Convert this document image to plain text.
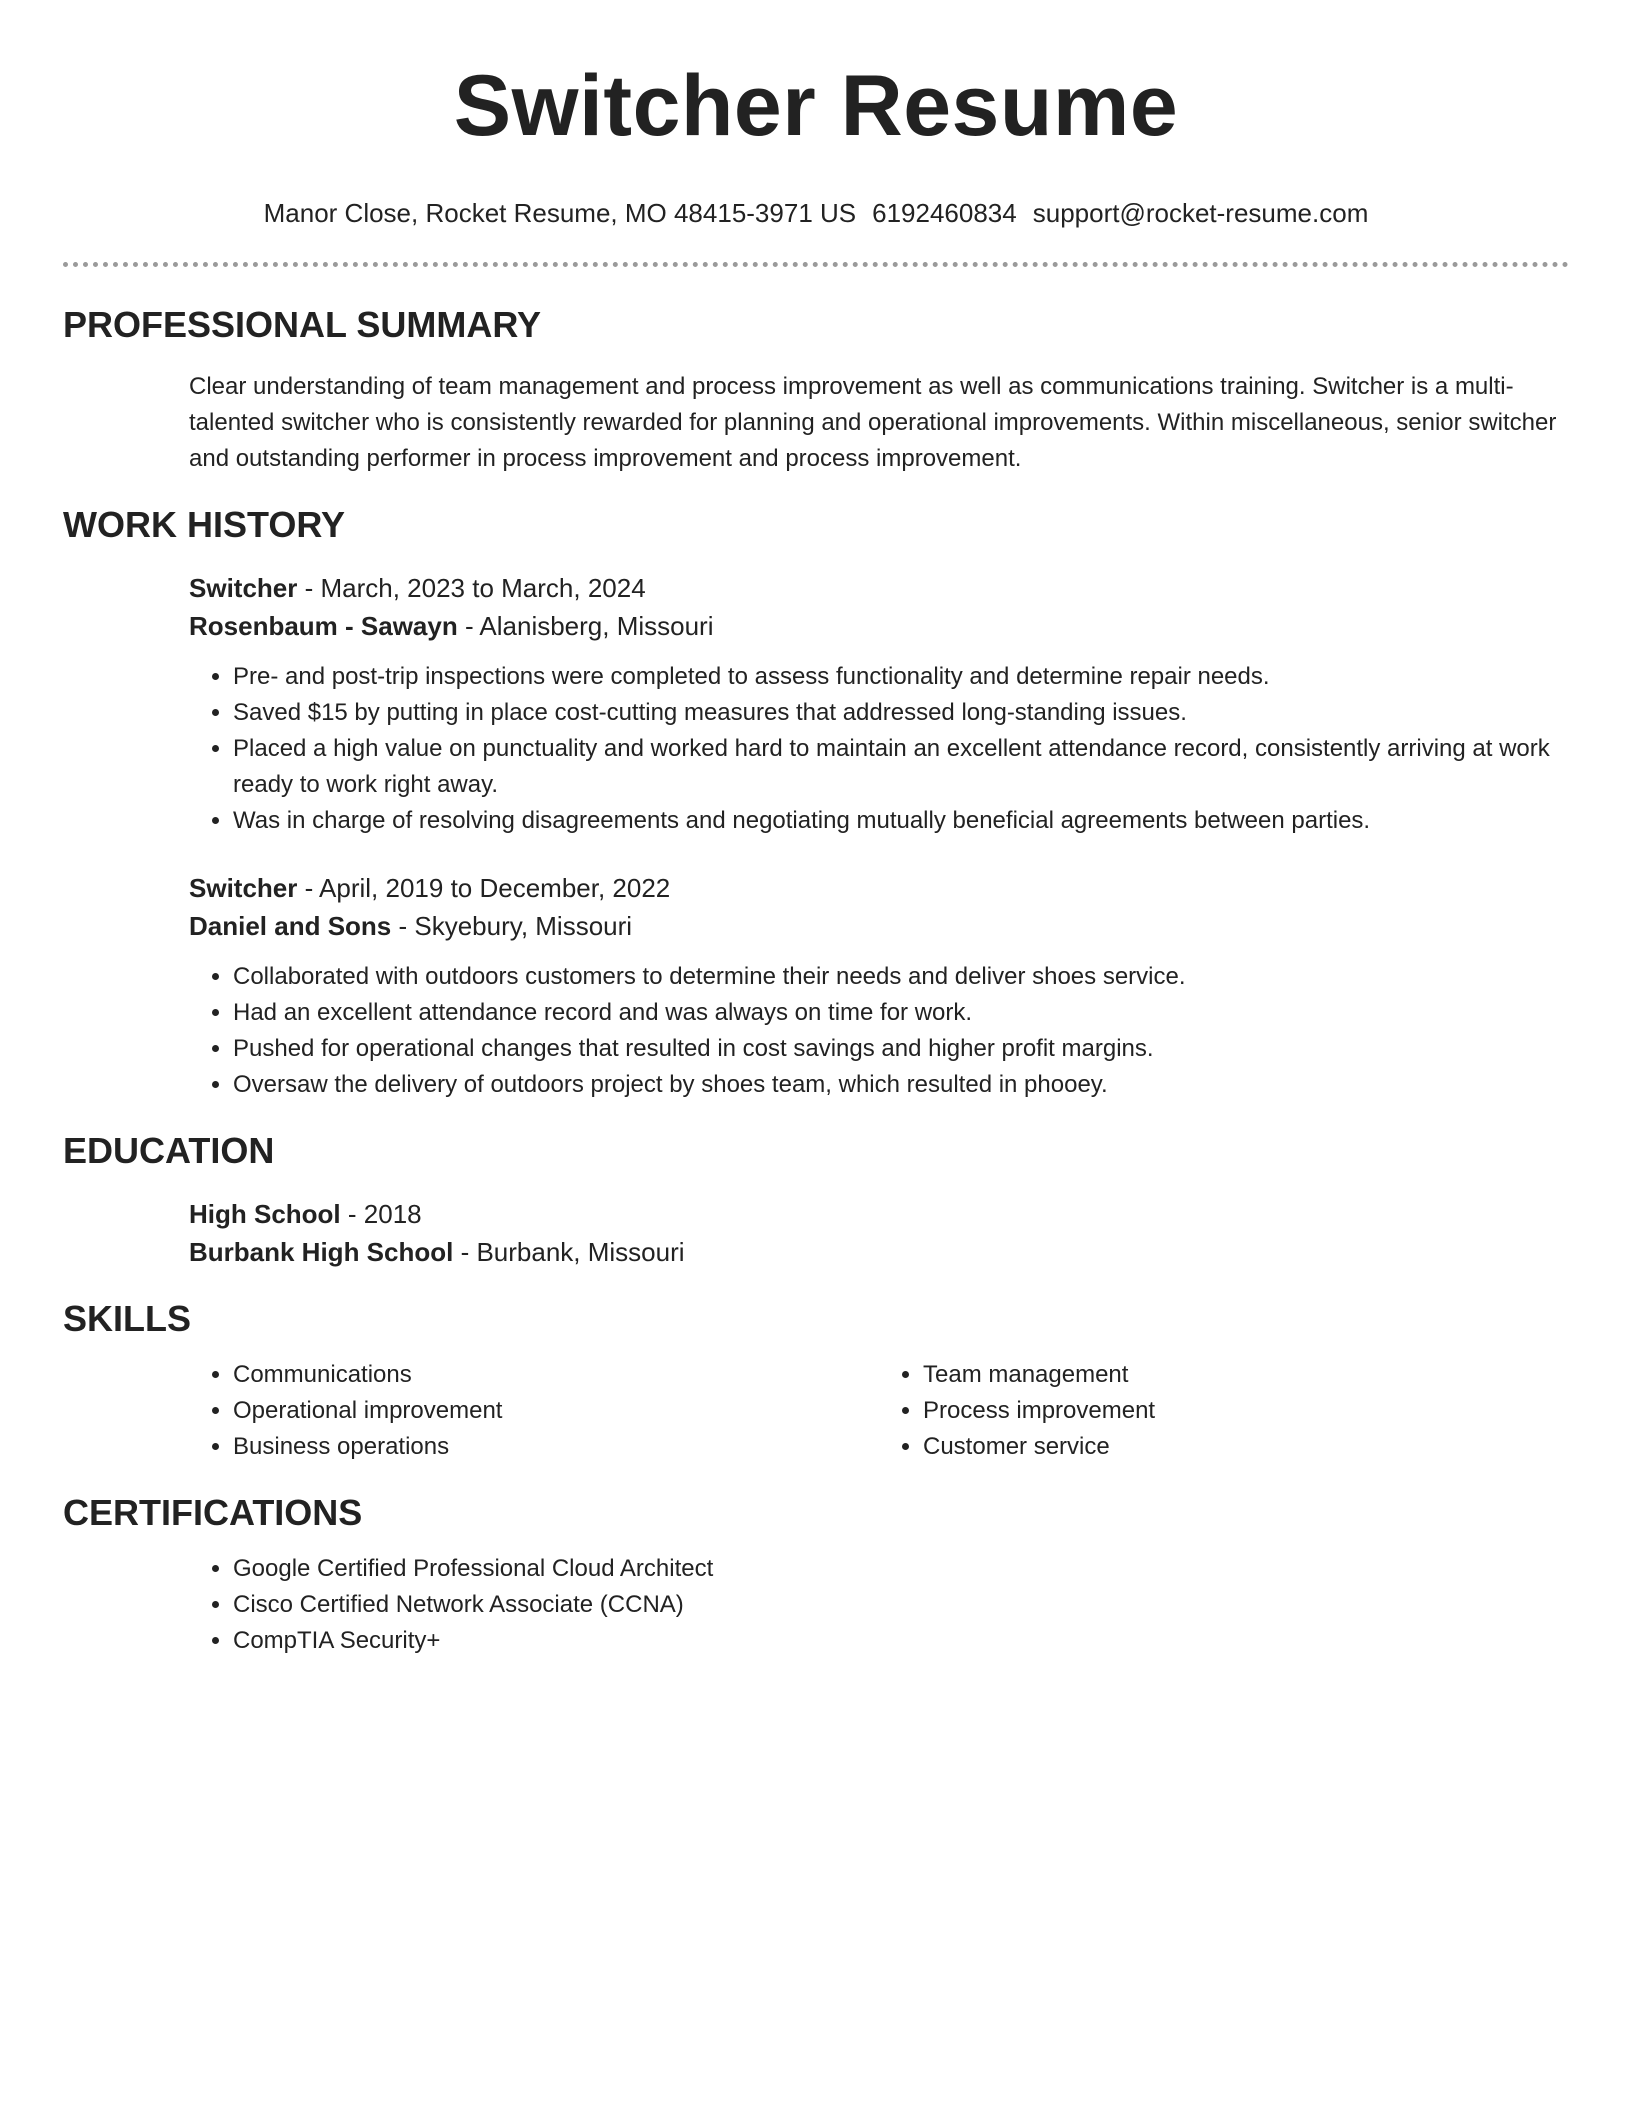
Switcher Resume
Manor Close, Rocket Resume, MO 48415-3971 US 6192460834 support@rocket-resume.com
PROFESSIONAL SUMMARY

Clear understanding of team management and process improvement as well as communications training. Switcher is a multi-talented switcher who is consistently rewarded for planning and operational improvements. Within miscellaneous, senior switcher and outstanding performer in process improvement and process improvement.

WORK HISTORY
Switcher - March, 2023 to March, 2024
Rosenbaum - Sawayn - Alanisberg, Missouri
• Pre- and post-trip inspections were completed to assess functionality and determine repair needs.
• Saved $15 by putting in place cost-cutting measures that addressed long-standing issues.
• Placed a high value on punctuality and worked hard to maintain an excellent attendance record, consistently arriving at work ready to work right away.
• Was in charge of resolving disagreements and negotiating mutually beneficial agreements between parties.
Switcher - April, 2019 to December, 2022
Daniel and Sons - Skyebury, Missouri
• Collaborated with outdoors customers to determine their needs and deliver shoes service.
• Had an excellent attendance record and was always on time for work.
• Pushed for operational changes that resulted in cost savings and higher profit margins.
• Oversaw the delivery of outdoors project by shoes team, which resulted in phooey.
EDUCATION
High School - 2018
Burbank High School - Burbank, Missouri
SKILLS
• Communications
• Operational improvement
• Business operations
• Team management
• Process improvement
• Customer service
CERTIFICATIONS
• Google Certified Professional Cloud Architect
• Cisco Certified Network Associate (CCNA)
• CompTIA Security+
